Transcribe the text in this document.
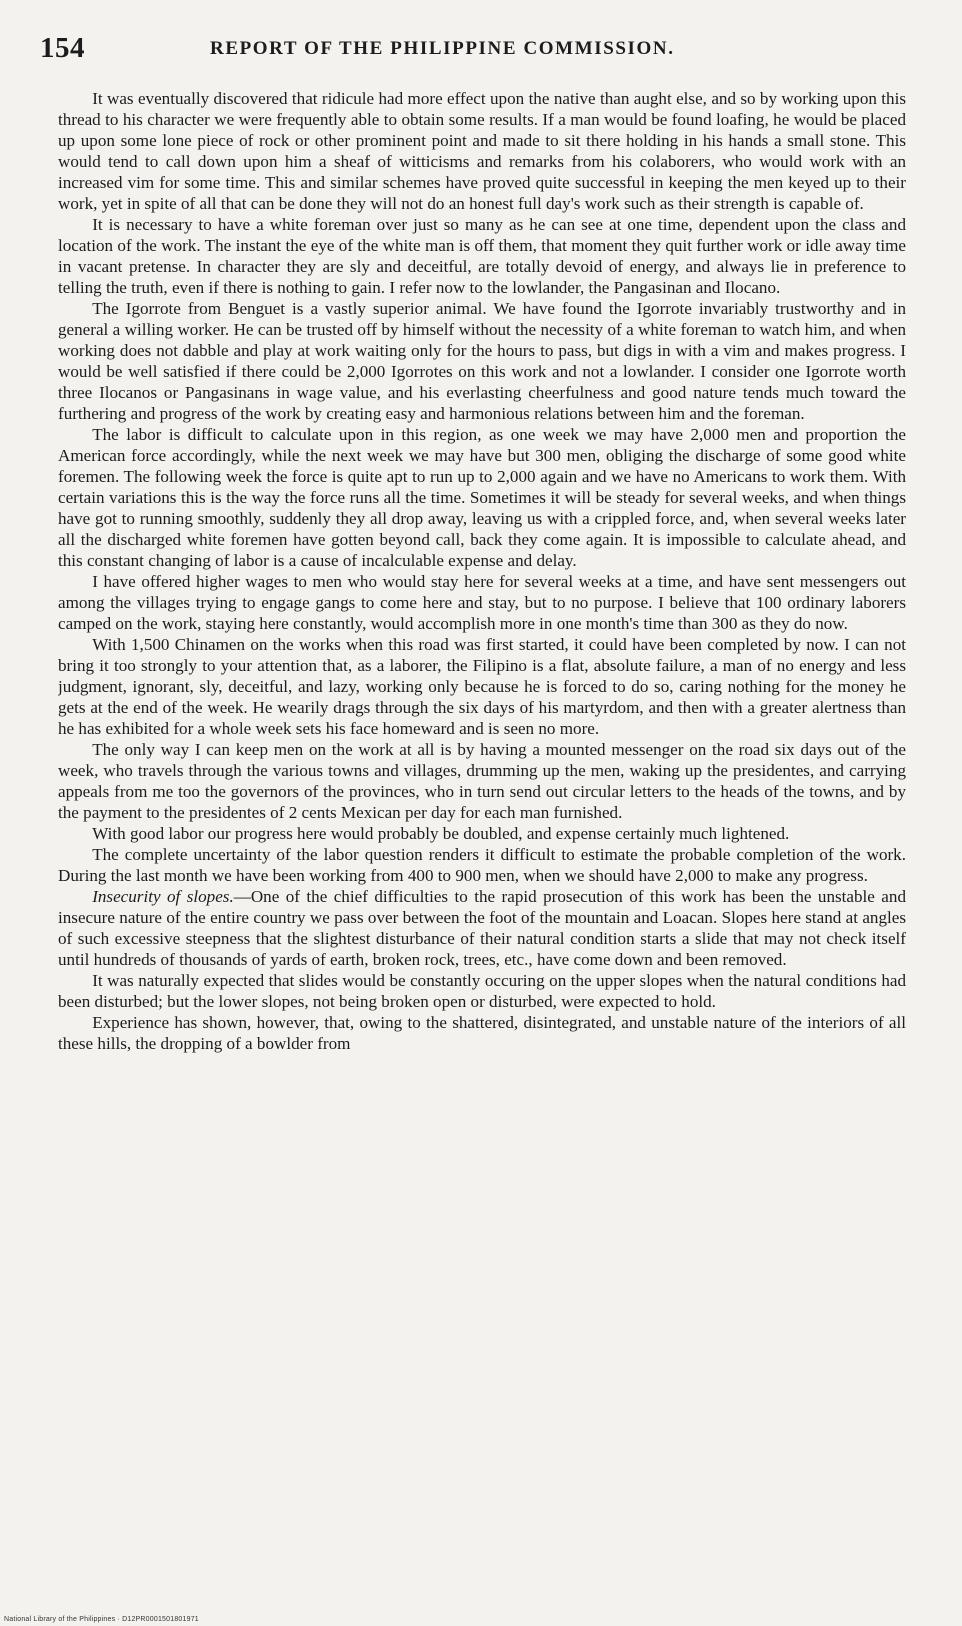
154	REPORT OF THE PHILIPPINE COMMISSION.

It was eventually discovered that ridicule had more effect upon the native than aught else, and so by working upon this thread to his character we were frequently able to obtain some results. If a man would be found loafing, he would be placed up upon some lone piece of rock or other prominent point and made to sit there holding in his hands a small stone. This would tend to call down upon him a sheaf of witticisms and remarks from his colaborers, who would work with an increased vim for some time. This and similar schemes have proved quite successful in keeping the men keyed up to their work, yet in spite of all that can be done they will not do an honest full day's work such as their strength is capable of.

It is necessary to have a white foreman over just so many as he can see at one time, dependent upon the class and location of the work. The instant the eye of the white man is off them, that moment they quit further work or idle away time in vacant pretense. In character they are sly and deceitful, are totally devoid of energy, and always lie in preference to telling the truth, even if there is nothing to gain. I refer now to the lowlander, the Pangasinan and Ilocano.

The Igorrote from Benguet is a vastly superior animal. We have found the Igorrote invariably trustworthy and in general a willing worker. He can be trusted off by himself without the necessity of a white foreman to watch him, and when working does not dabble and play at work waiting only for the hours to pass, but digs in with a vim and makes progress. I would be well satisfied if there could be 2,000 Igorrotes on this work and not a lowlander. I consider one Igorrote worth three Ilocanos or Pangasinans in wage value, and his everlasting cheerfulness and good nature tends much toward the furthering and progress of the work by creating easy and harmonious relations between him and the foreman.

The labor is difficult to calculate upon in this region, as one week we may have 2,000 men and proportion the American force accordingly, while the next week we may have but 300 men, obliging the discharge of some good white foremen. The following week the force is quite apt to run up to 2,000 again and we have no Americans to work them. With certain variations this is the way the force runs all the time. Sometimes it will be steady for several weeks, and when things have got to running smoothly, suddenly they all drop away, leaving us with a crippled force, and, when several weeks later all the discharged white foremen have gotten beyond call, back they come again. It is impossible to calculate ahead, and this constant changing of labor is a cause of incalculable expense and delay.

I have offered higher wages to men who would stay here for several weeks at a time, and have sent messengers out among the villages trying to engage gangs to come here and stay, but to no purpose. I believe that 100 ordinary laborers camped on the work, staying here constantly, would accomplish more in one month's time than 300 as they do now.

With 1,500 Chinamen on the works when this road was first started, it could have been completed by now. I can not bring it too strongly to your attention that, as a laborer, the Filipino is a flat, absolute failure, a man of no energy and less judgment, ignorant, sly, deceitful, and lazy, working only because he is forced to do so, caring nothing for the money he gets at the end of the week. He wearily drags through the six days of his martyrdom, and then with a greater alertness than he has exhibited for a whole week sets his face homeward and is seen no more.

The only way I can keep men on the work at all is by having a mounted messenger on the road six days out of the week, who travels through the various towns and villages, drumming up the men, waking up the presidentes, and carrying appeals from me too the governors of the provinces, who in turn send out circular letters to the heads of the towns, and by the payment to the presidentes of 2 cents Mexican per day for each man furnished.

With good labor our progress here would probably be doubled, and expense certainly much lightened.

The complete uncertainty of the labor question renders it difficult to estimate the probable completion of the work. During the last month we have been working from 400 to 900 men, when we should have 2,000 to make any progress.

Insecurity of slopes.—One of the chief difficulties to the rapid prosecution of this work has been the unstable and insecure nature of the entire country we pass over between the foot of the mountain and Loacan. Slopes here stand at angles of such excessive steepness that the slightest disturbance of their natural condition starts a slide that may not check itself until hundreds of thousands of yards of earth, broken rock, trees, etc., have come down and been removed.

It was naturally expected that slides would be constantly occuring on the upper slopes when the natural conditions had been disturbed; but the lower slopes, not being broken open or disturbed, were expected to hold.

Experience has shown, however, that, owing to the shattered, disintegrated, and unstable nature of the interiors of all these hills, the dropping of a bowlder from

National Library of the Philippines · D12PR0001501801971
